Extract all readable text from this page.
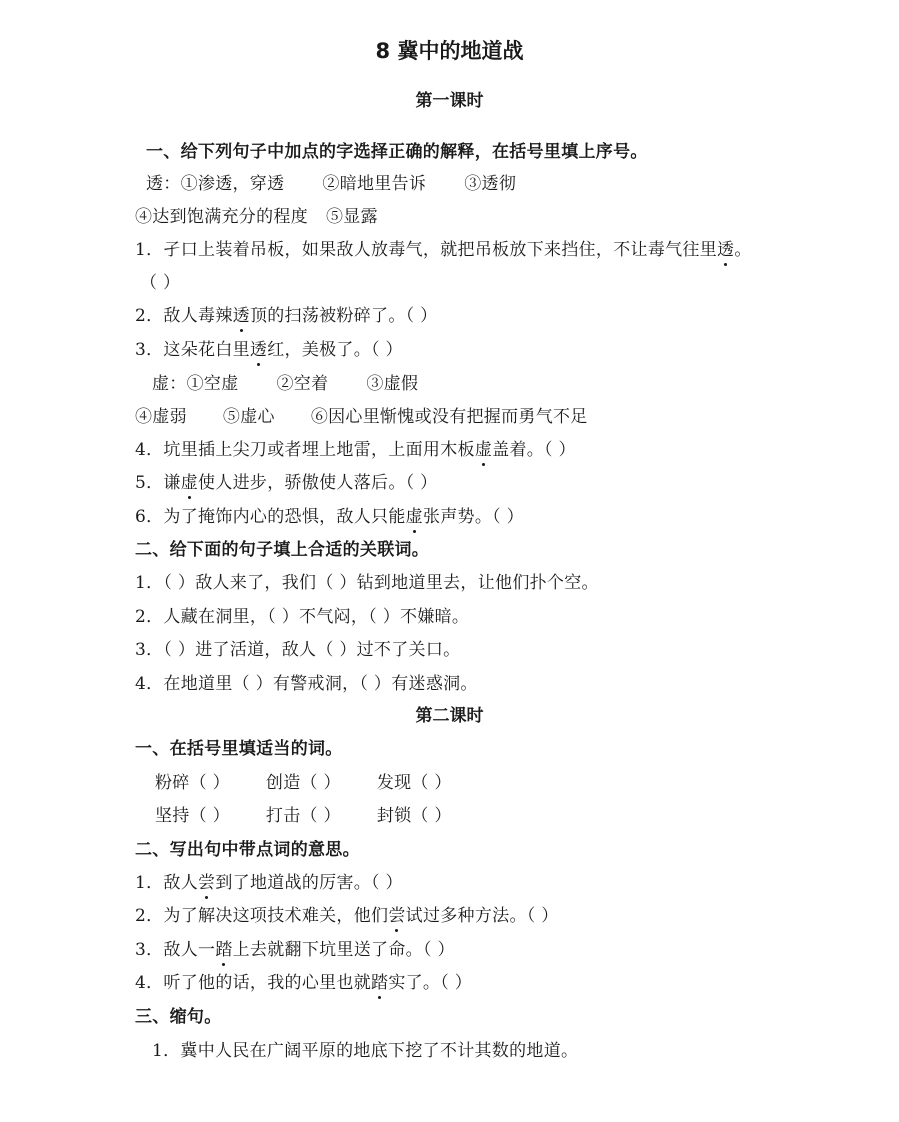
8 冀中的地道战
第一课时
一、给下列句子中加点的字选择正确的解释，在括号里填上序号。
透：①渗透，穿透 ②暗地里告诉 ③透彻
④达到饱满充分的程度 ⑤显露
1．孑口上装着吊板，如果敌人放毒气，就把吊板放下来挡住，不让毒气往里透。
（ ）
2．敌人毒辣透顶的扫荡被粉碎了。（ ）
3．这朵花白里透红，美极了。（ ）
虚：①空虚 ②空着 ③虚假
④虚弱 ⑤虚心 ⑥因心里惭愧或没有把握而勇气不足
4．坑里插上尖刀或者埋上地雷，上面用木板虚盖着。（ ）
5．谦虚使人进步，骄傲使人落后。（ ）
6．为了掩饰内心的恐惧，敌人只能虚张声势。（ ）
二、给下面的句子填上合适的关联词。
1．（ ）敌人来了，我们（ ）钻到地道里去，让他们扑个空。
2．人藏在洞里，（ ）不气闷，（ ）不嫌暗。
3．（ ）进了活道，敌人（ ）过不了关口。
4．在地道里（ ）有警戒洞，（ ）有迷惑洞。
第二课时
一、在括号里填适当的词。
粉碎（ ） 创造（ ） 发现（ ）
坚持（ ） 打击（ ） 封锁（ ）
二、写出句中带点词的意思。
1．敌人尝到了地道战的厉害。（ ）
2．为了解决这项技术难关，他们尝试过多种方法。（ ）
3．敌人一踏上去就翻下坑里送了命。（ ）
4．听了他的话，我的心里也就踏实了。（ ）
三、缩句。
1．冀中人民在广阔平原的地底下挖了不计其数的地道。
